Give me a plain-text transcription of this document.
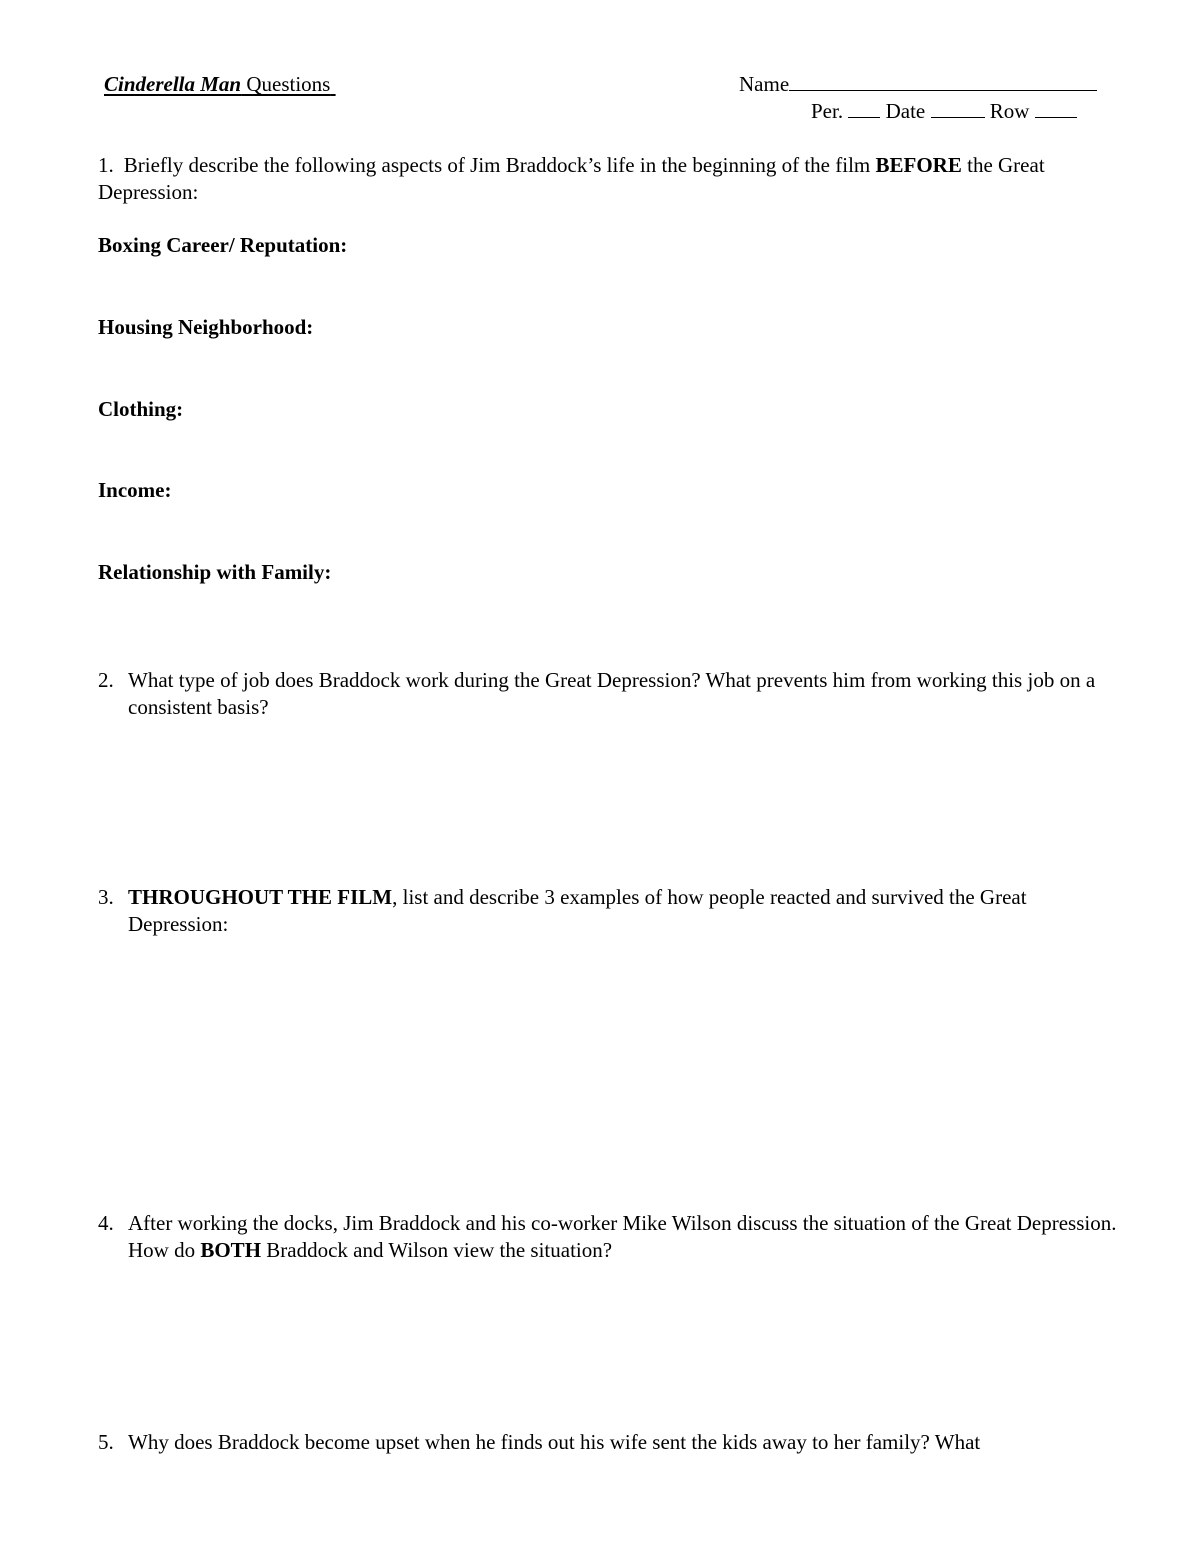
Cinderella Man Questions	Name
Per. Date	Row
1. Briefly describe the following aspects of Jim Braddock’s life in the beginning of the film BEFORE the Great Depression:
Boxing Career/ Reputation:
Housing Neighborhood:
Clothing:
Income:
Relationship with Family:
2. What type of job does Braddock work during the Great Depression? What prevents him from working this job on a consistent basis?
3. THROUGHOUT THE FILM, list and describe 3 examples of how people reacted and survived the Great Depression:
4. After working the docks, Jim Braddock and his co-worker Mike Wilson discuss the situation of the Great Depression. How do BOTH Braddock and Wilson view the situation?
5. Why does Braddock become upset when he finds out his wife sent the kids away to her family? What
